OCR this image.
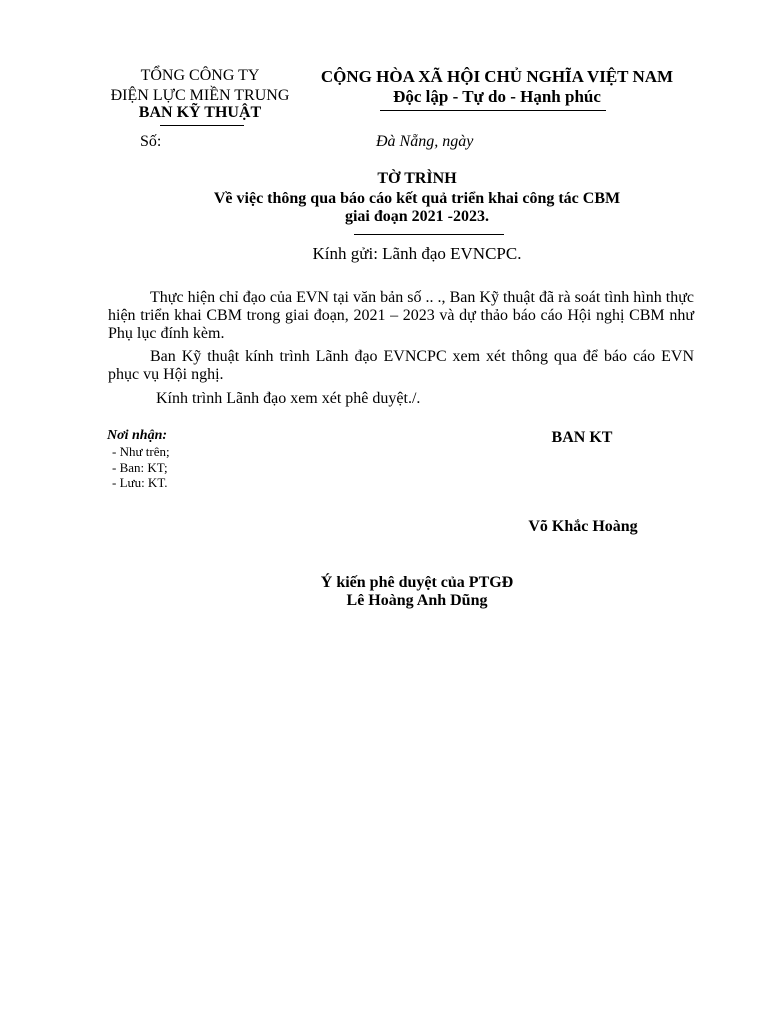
TỔNG CÔNG TY
ĐIỆN LỰC MIỀN TRUNG
BAN KỸ THUẬT
CỘNG HÒA XÃ HỘI CHỦ NGHĨA VIỆT NAM
Độc lập - Tự do - Hạnh phúc
Số:	Đà Nẵng, ngày
TỜ TRÌNH
Về việc thông qua báo cáo kết quả triển khai công tác CBM
giai đoạn 2021 -2023.
Kính gửi: Lãnh đạo EVNCPC.
Thực hiện chỉ đạo của EVN tại văn bản số .. ., Ban Kỹ thuật đã rà soát tình hình thực hiện triển khai CBM trong giai đoạn, 2021 – 2023 và dự thảo báo cáo Hội nghị CBM như Phụ lục đính kèm.
Ban Kỹ thuật kính trình Lãnh đạo EVNCPC xem xét thông qua để báo cáo EVN phục vụ Hội nghị.
Kính trình Lãnh đạo xem xét phê duyệt./.
Nơi nhận:
- Như trên;
- Ban: KT;
- Lưu: KT.
BAN KT
Võ Khắc Hoàng
Ý kiến phê duyệt của PTGĐ
Lê Hoàng Anh Dũng
